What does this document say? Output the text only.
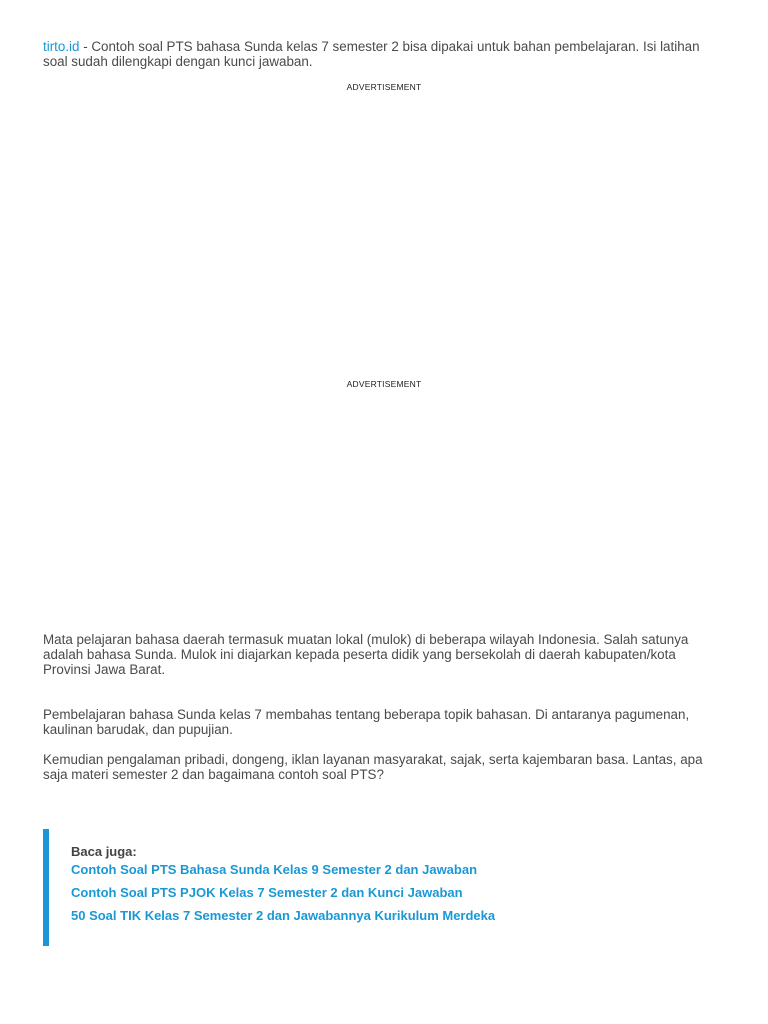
tirto.id - Contoh soal PTS bahasa Sunda kelas 7 semester 2 bisa dipakai untuk bahan pembelajaran. Isi latihan soal sudah dilengkapi dengan kunci jawaban.

ADVERTISEMENT
ADVERTISEMENT

Mata pelajaran bahasa daerah termasuk muatan lokal (mulok) di beberapa wilayah Indonesia. Salah satunya adalah bahasa Sunda. Mulok ini diajarkan kepada peserta didik yang bersekolah di daerah kabupaten/kota Provinsi Jawa Barat.

Pembelajaran bahasa Sunda kelas 7 membahas tentang beberapa topik bahasan. Di antaranya pagumenan, kaulinan barudak, dan pupujian.

Kemudian pengalaman pribadi, dongeng, iklan layanan masyarakat, sajak, serta kajembaran basa. Lantas, apa saja materi semester 2 dan bagaimana contoh soal PTS?

Baca juga:
Contoh Soal PTS Bahasa Sunda Kelas 9 Semester 2 dan Jawaban
Contoh Soal PTS PJOK Kelas 7 Semester 2 dan Kunci Jawaban
50 Soal TIK Kelas 7 Semester 2 dan Jawabannya Kurikulum Merdeka
